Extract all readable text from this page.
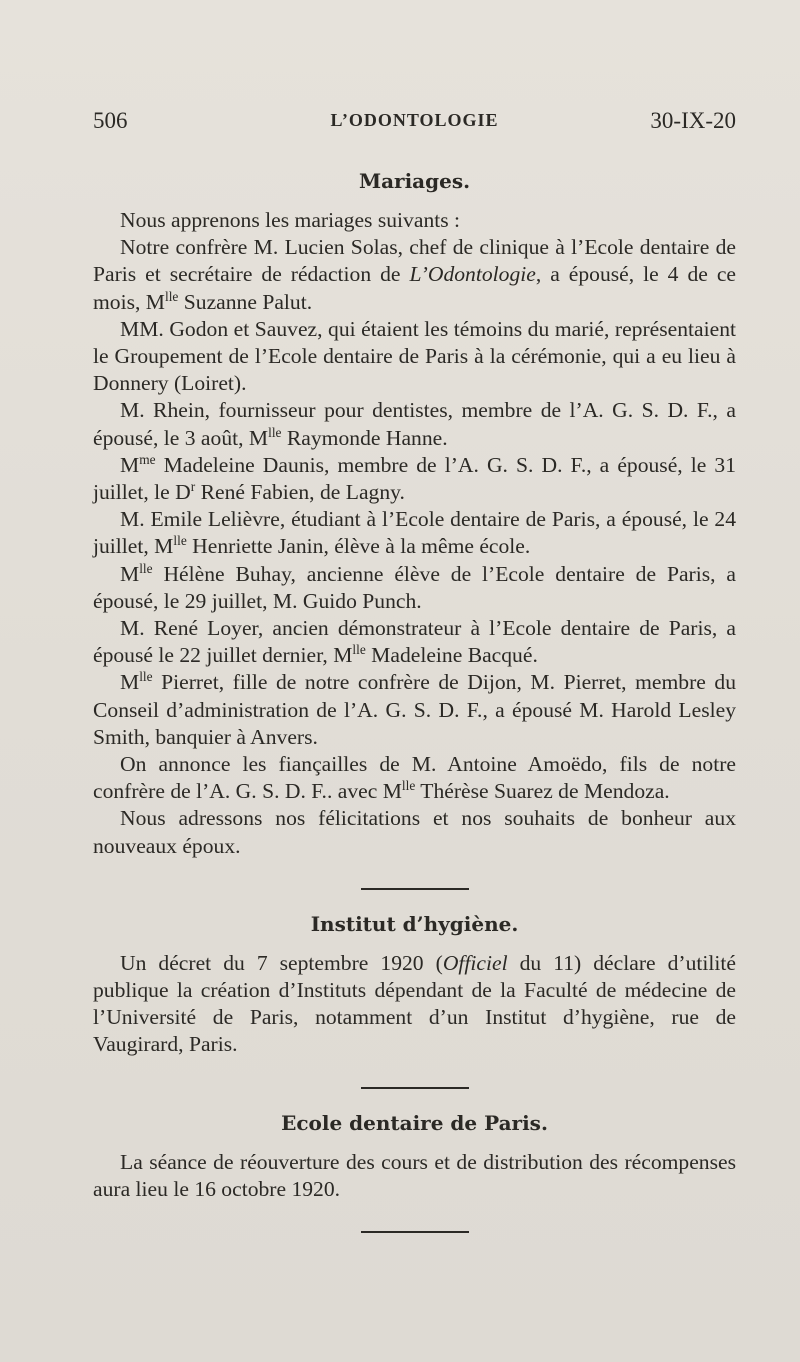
506	L’ODONTOLOGIE	30-IX-20
Mariages.

Nous apprenons les mariages suivants :

Notre confrère M. Lucien Solas, chef de clinique à l’Ecole dentaire de Paris et secrétaire de rédaction de L’Odontologie, a épousé, le 4 de ce mois, $M^{lle}$ Suzanne Palut.

MM. Godon et Sauvez, qui étaient les témoins du marié, représentaient le Groupement de l’Ecole dentaire de Paris à la cérémonie, qui a eu lieu à Donnery (Loiret).

M. Rhein, fournisseur pour dentistes, membre de l’A. G. S. D. F., a épousé, le 3 août, $M^{lle}$ Raymonde Hanne.

$M^{me}$ Madeleine Daunis, membre de l’A. G. S. D. F., a épousé, le 31 juillet, le $D^r$ René Fabien, de Lagny.

M. Emile Lelièvre, étudiant à l’Ecole dentaire de Paris, a épousé, le 24 juillet, $M^{lle}$ Henriette Janin, élève à la même école.

$M^{lle}$ Hélène Buhay, ancienne élève de l’Ecole dentaire de Paris, a épousé, le 29 juillet, M. Guido Punch.

M. René Loyer, ancien démonstrateur à l’Ecole dentaire de Paris, a épousé le 22 juillet dernier, $M^{lle}$ Madeleine Bacqué.

$M^{lle}$ Pierret, fille de notre confrère de Dijon, M. Pierret, membre du Conseil d’administration de l’A. G. S. D. F., a épousé M. Harold Lesley Smith, banquier à Anvers.

On annonce les fiançailles de M. Antoine Amoëdo, fils de notre confrère de l’A. G. S. D. F.. avec $M^{lle}$ Thérèse Suarez de Mendoza.

Nous adressons nos félicitations et nos souhaits de bonheur aux nouveaux époux.

Institut d’hygiène.

Un décret du 7 septembre 1920 (Officiel du 11) déclare d’utilité publique la création d’Instituts dépendant de la Faculté de médecine de l’Université de Paris, notamment d’un Institut d’hygiène, rue de Vaugirard, Paris.

Ecole dentaire de Paris.

La séance de réouverture des cours et de distribution des récompenses aura lieu le 16 octobre 1920.
